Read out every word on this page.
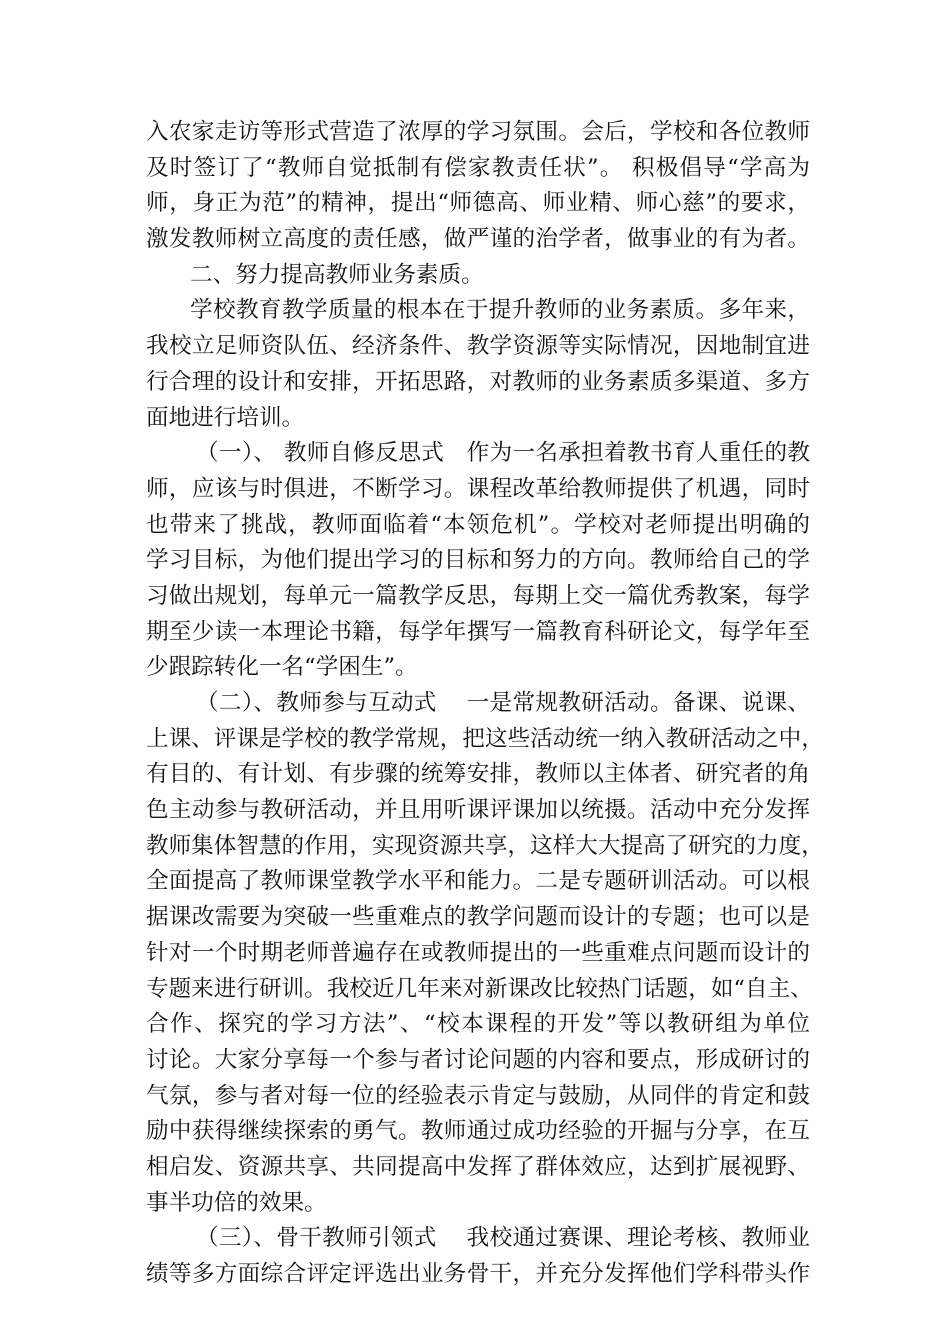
入农家走访等形式营造了浓厚的学习氛围。会后，学校和各位教师
及时签订了“教师自觉抵制有偿家教责任状”。 积极倡导“学高为
师，身正为范”的精神，提出“师德高、师业精、师心慈”的要求，
激发教师树立高度的责任感，做严谨的治学者，做事业的有为者。
二、努力提高教师业务素质。
学校教育教学质量的根本在于提升教师的业务素质。多年来，
我校立足师资队伍、经济条件、教学资源等实际情况，因地制宜进
行合理的设计和安排，开拓思路，对教师的业务素质多渠道、多方
面地进行培训。
（一）、 教师自修反思式   作为一名承担着教书育人重任的教
师，应该与时俱进，不断学习。课程改革给教师提供了机遇，同时
也带来了挑战，教师面临着“本领危机”。学校对老师提出明确的
学习目标，为他们提出学习的目标和努力的方向。教师给自己的学
习做出规划，每单元一篇教学反思，每期上交一篇优秀教案，每学
期至少读一本理论书籍，每学年撰写一篇教育科研论文，每学年至
少跟踪转化一名“学困生”。
（二）、教师参与互动式    一是常规教研活动。备课、说课、
上课、评课是学校的教学常规，把这些活动统一纳入教研活动之中，
有目的、有计划、有步骤的统筹安排，教师以主体者、研究者的角
色主动参与教研活动，并且用听课评课加以统摄。活动中充分发挥
教师集体智慧的作用，实现资源共享，这样大大提高了研究的力度，
全面提高了教师课堂教学水平和能力。二是专题研训活动。可以根
据课改需要为突破一些重难点的教学问题而设计的专题；也可以是
针对一个时期老师普遍存在或教师提出的一些重难点问题而设计的
专题来进行研训。我校近几年来对新课改比较热门话题，如“自主、
合作、探究的学习方法”、“校本课程的开发”等以教研组为单位
讨论。大家分享每一个参与者讨论问题的内容和要点，形成研讨的
气氛，参与者对每一位的经验表示肯定与鼓励，从同伴的肯定和鼓
励中获得继续探索的勇气。教师通过成功经验的开掘与分享，在互
相启发、资源共享、共同提高中发挥了群体效应，达到扩展视野、
事半功倍的效果。
（三）、骨干教师引领式    我校通过赛课、理论考核、教师业
绩等多方面综合评定评选出业务骨干，并充分发挥他们学科带头作
